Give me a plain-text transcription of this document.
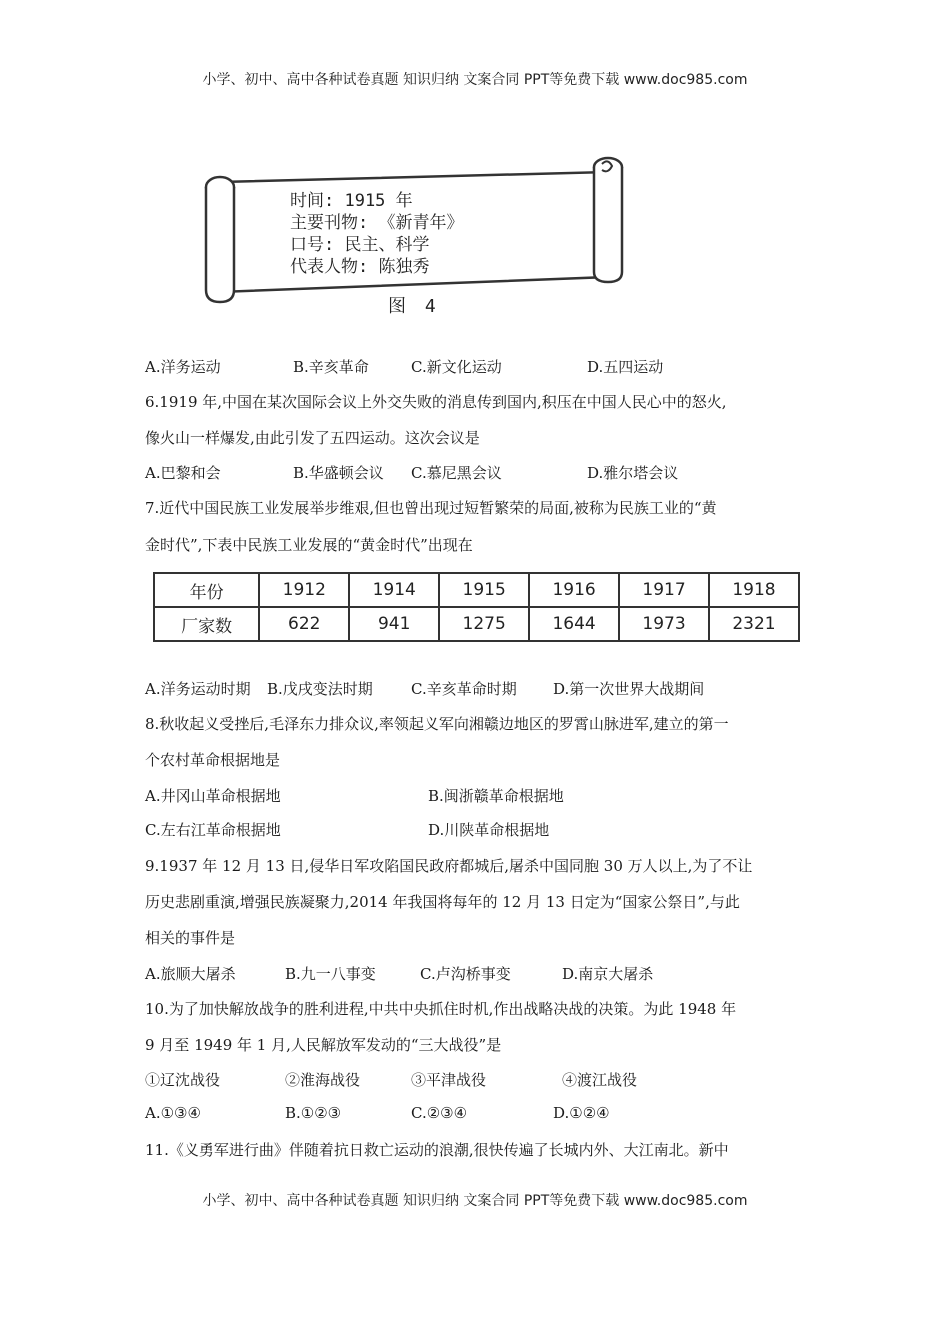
小学、初中、高中各种试卷真题 知识归纳 文案合同 PPT等免费下载 www.doc985.com
时间: 1915 年
主要刊物: 《新青年》
口号: 民主、科学
代表人物: 陈独秀
图 4
A.洋务运动	B.辛亥革命	C.新文化运动	D.五四运动
6.1919 年,中国在某次国际会议上外交失败的消息传到国内,积压在中国人民心中的怒火,
像火山一样爆发,由此引发了五四运动。这次会议是
A.巴黎和会	B.华盛顿会议 C.慕尼黑会议	D.雅尔塔会议
7.近代中国民族工业发展举步维艰,但也曾出现过短暂繁荣的局面,被称为民族工业的“黄
金时代”,下表中民族工业发展的“黄金时代”出现在
年份	1912	1914	1915	1916	1917	1918
厂家数	622	941	1275	1644	1973	2321
A.洋务运动时期 B.戊戌变法时期	C.辛亥革命时期 D.第一次世界大战期间
8.秋收起义受挫后,毛泽东力排众议,率领起义军向湘赣边地区的罗霄山脉进军,建立的第一
个农村革命根据地是
A.井冈山革命根据地	B.闽浙赣革命根据地
C.左右江革命根据地	D.川陕革命根据地
9.1937 年 12 月 13 日,侵华日军攻陷国民政府都城后,屠杀中国同胞 30 万人以上,为了不让
历史悲剧重演,增强民族凝聚力,2014 年我国将每年的 12 月 13 日定为“国家公祭日”,与此
相关的事件是
A.旅顺大屠杀	B.九一八事变	C.卢沟桥事变	D.南京大屠杀
10.为了加快解放战争的胜利进程,中共中央抓住时机,作出战略决战的决策。为此 1948 年
9 月至 1949 年 1 月,人民解放军发动的“三大战役”是
①辽沈战役	②淮海战役	③平津战役	④渡江战役
A.①③④	B.①②③	C.②③④	D.①②④
11.《义勇军进行曲》伴随着抗日救亡运动的浪潮,很快传遍了长城内外、大江南北。新中
小学、初中、高中各种试卷真题 知识归纳 文案合同 PPT等免费下载 www.doc985.com
